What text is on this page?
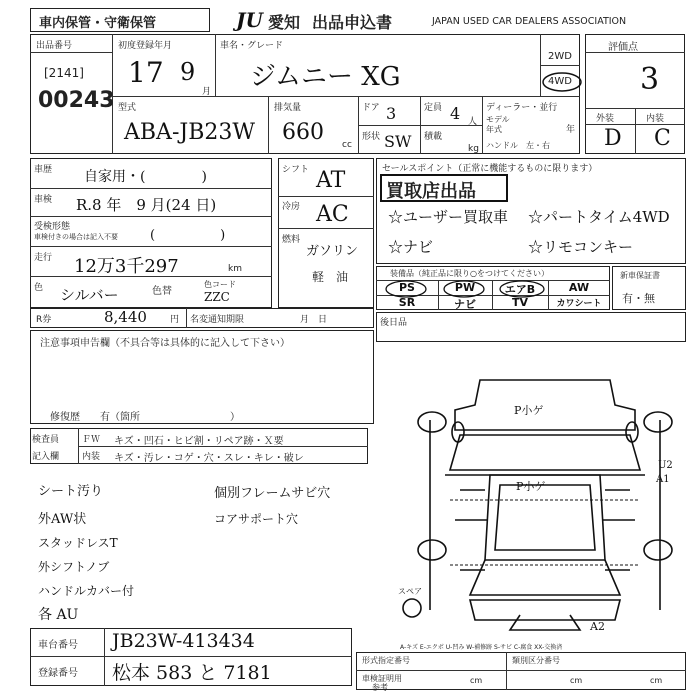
車内保管・守衛保管	JU 愛知 出品申込書	JAPAN USED CAR DEALERS ASSOCIATION
出品番号
[2141]
00243
初度登録年月
17 9
月
車名・グレード
ジムニー XG
2WD
4WD
型式
ABA-JB23W
排気量
660 cc
ドア 3
形状 SW
定員 4 人
積載
kg
ディーラー・並行
モデル
年式	年
ハンドル　左・右
評価点
3
外装	内装
D C
車歴 自家用・(　　　　)
車検 R.8 年　9 月(24 日)
受検形態
車検付きの場合は記入不要 (　　　　　)
走行 12万3千297	km
色 シルバー	色替
色コード
ZZC
シフト AT
冷房 AC
燃料
ガソリン
軽　油
R券	8,440	円 名変通知期限	月　日
セールスポイント（正常に機能するものに限ります）
買取店出品
☆ユーザー買取車 ☆パートタイム4WD
☆ナビ	☆リモコンキー
装備品（純正品に限り○をつけてください）
PS	PW	エアB	AW
SR	ナビ	TV	カワシート
新車保証書
有・無
後日品
注意事項申告欄（不具合等は具体的に記入して下さい）
修復歴　　有（箇所　　　　　　　　　）
検査員
記入欄
ＦＷ キズ・凹石・ヒビ割・リペア跡・Ｘ要
内装 キズ・汚レ・コゲ・穴・スレ・キレ・破レ
シート汚り
外AW状
スタッドレスT
外シフトノブ
ハンドルカバー付
各 AU
個別フレームサビ穴
コアサポート穴
P小ゲ
P小ゲ
U2
A1
A2
スペア
A-キズ E-エクボ U-凹み W-補修跡 S-サビ C-腐食 XX-交換済
車台番号 JB23W-413434
登録番号 松本 583 と 7181
形式指定番号	類別区分番号
車検証明用
参考
cm	cm	cm
